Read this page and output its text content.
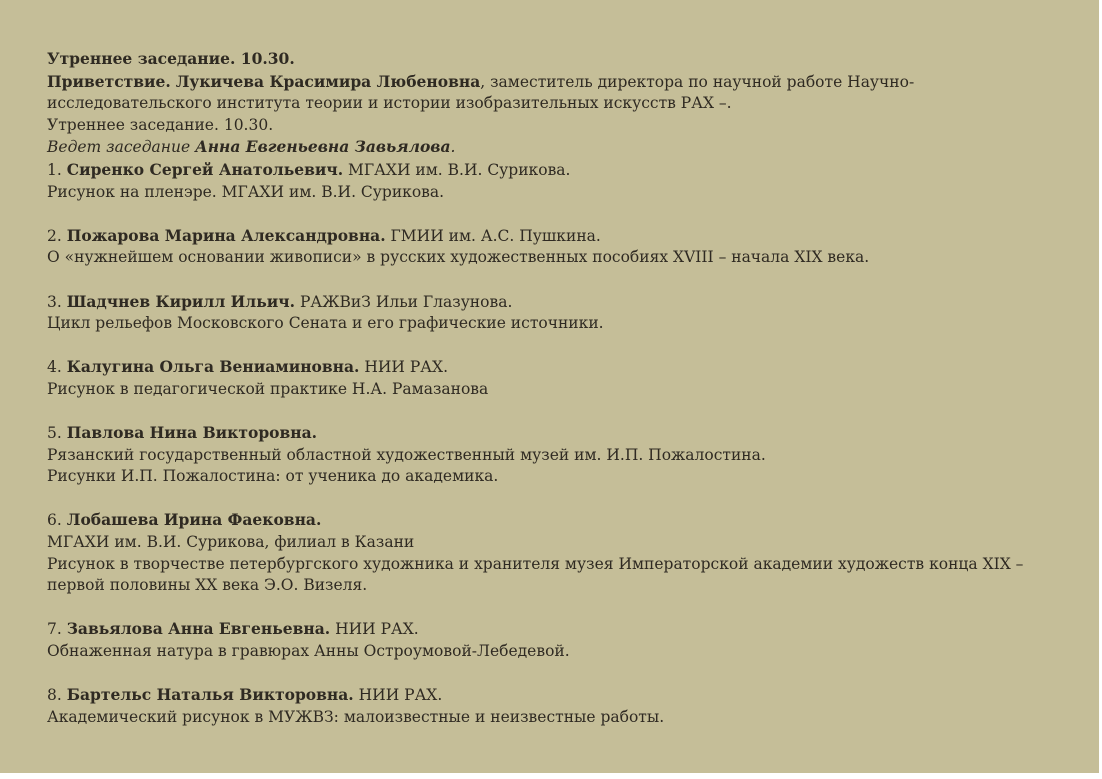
Утреннее заседание. 10.30.

Приветствие. Лукичева Красимира Любеновна, заместитель директора по научной работе Научно-

исследовательского института теории и истории изобразительных искусств РАХ –.

Утреннее заседание. 10.30.

Ведет заседание Анна Евгеньевна Завьялова.

1. Сиренко Сергей Анатольевич. МГАХИ им. В.И. Сурикова.

Рисунок на пленэре. МГАХИ им. В.И. Сурикова.

2. Пожарова Марина Александровна. ГМИИ им. А.С. Пушкина.

О «нужнейшем основании живописи» в русских художественных пособиях XVIII – начала XIX века.

3. Шадчнев Кирилл Ильич. РАЖВиЗ Ильи Глазунова.

Цикл рельефов Московского Сената и его графические источники.

4. Калугина Ольга Вениаминовна. НИИ РАХ.

Рисунок в педагогической практике Н.А. Рамазанова

5. Павлова Нина Викторовна.

Рязанский государственный областной художественный музей им. И.П. Пожалостина.

Рисунки И.П. Пожалостина: от ученика до академика.

6. Лобашева Ирина Фаековна.

МГАХИ им. В.И. Сурикова, филиал в Казани

Рисунок в творчестве петербургского художника и хранителя музея Императорской академии художеств конца XIX – первой половины XX века Э.О. Визеля.

7. Завьялова Анна Евгеньевна. НИИ РАХ.

Обнаженная натура в гравюрах Анны Остроумовой-Лебедевой.

8. Бартельс Наталья Викторовна. НИИ РАХ.

Академический рисунок в МУЖВЗ: малоизвестные и неизвестные работы.
